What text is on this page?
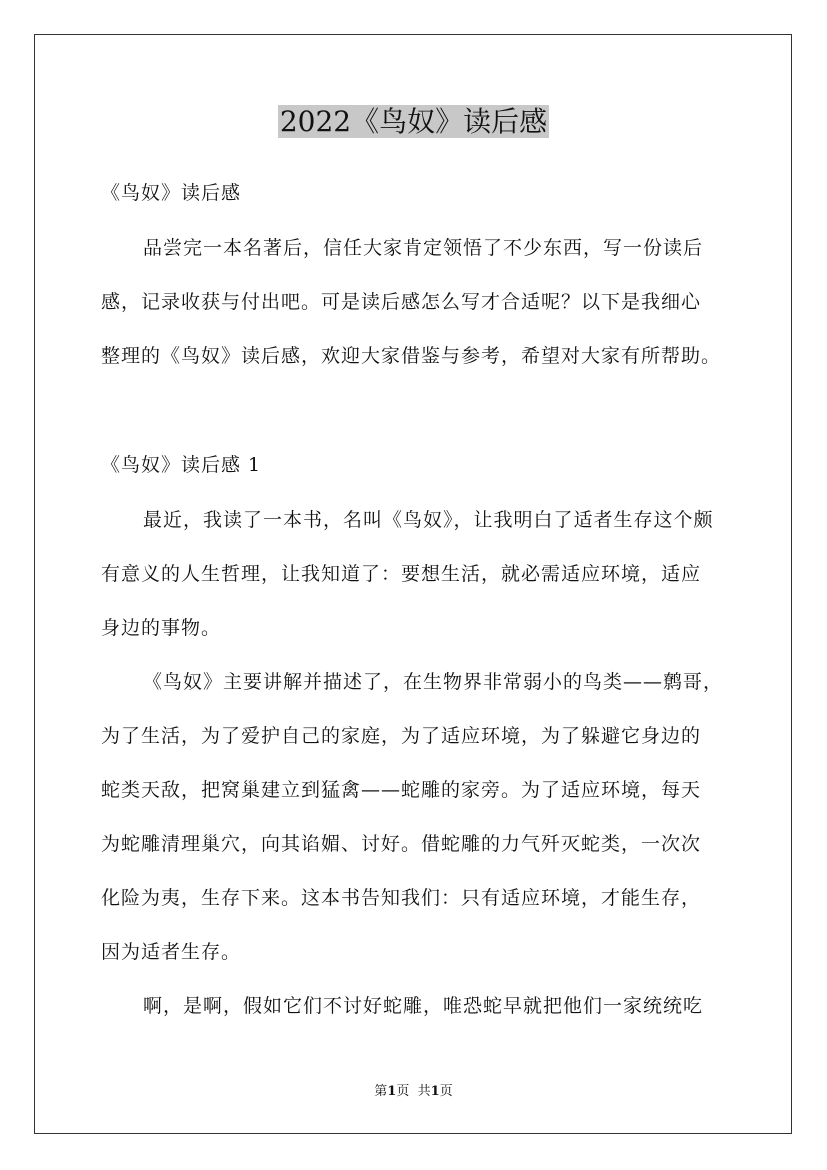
2022《鸟奴》读后感
《鸟奴》读后感
品尝完一本名著后，信任大家肯定领悟了不少东西，写一份读后
感，记录收获与付出吧。可是读后感怎么写才合适呢？以下是我细心
整理的《鸟奴》读后感，欢迎大家借鉴与参考，希望对大家有所帮助。
《鸟奴》读后感 1
最近，我读了一本书，名叫《鸟奴》，让我明白了适者生存这个颇
有意义的人生哲理，让我知道了：要想生活，就必需适应环境，适应
身边的事物。
《鸟奴》主要讲解并描述了，在生物界非常弱小的鸟类——鹩哥，
为了生活，为了爱护自己的家庭，为了适应环境，为了躲避它身边的
蛇类天敌，把窝巢建立到猛禽——蛇雕的家旁。为了适应环境，每天
为蛇雕清理巢穴，向其谄媚、讨好。借蛇雕的力气歼灭蛇类，一次次
化险为夷，生存下来。这本书告知我们：只有适应环境，才能生存，
因为适者生存。
啊，是啊，假如它们不讨好蛇雕，唯恐蛇早就把他们一家统统吃
第1页 共1页
